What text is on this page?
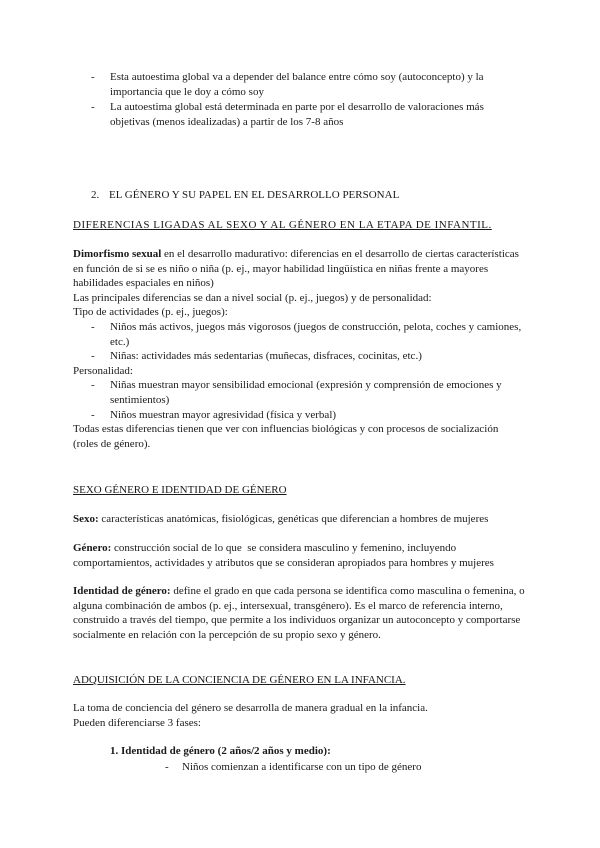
- Esta autoestima global va a depender del balance entre cómo soy (autoconcepto) y la
importancia que le doy a cómo soy
- La autoestima global está determinada en parte por el desarrollo de valoraciones más
objetivas (menos idealizadas) a partir de los 7-8 años
2. EL GÉNERO Y SU PAPEL EN EL DESARROLLO PERSONAL
DIFERENCIAS LIGADAS AL SEXO Y AL GÉNERO EN LA ETAPA DE INFANTIL.
Dimorfismo sexual en el desarrollo madurativo: diferencias en el desarrollo de ciertas características
en función de si se es niño o niña (p. ej., mayor habilidad lingüística en niñas frente a mayores
habilidades espaciales en niños)
Las principales diferencias se dan a nivel social (p. ej., juegos) y de personalidad:
Tipo de actividades (p. ej., juegos):
- Niños más activos, juegos más vigorosos (juegos de construcción, pelota, coches y camiones,
etc.)
- Niñas: actividades más sedentarias (muñecas, disfraces, cocinitas, etc.)
Personalidad:
- Niñas muestran mayor sensibilidad emocional (expresión y comprensión de emociones y
sentimientos)
- Niños muestran mayor agresividad (física y verbal)
Todas estas diferencias tienen que ver con influencias biológicas y con procesos de socialización
(roles de género).
SEXO GÉNERO E IDENTIDAD DE GÉNERO
Sexo: características anatómicas, fisiológicas, genéticas que diferencian a hombres de mujeres
Género: construcción social de lo que  se considera masculino y femenino, incluyendo
comportamientos, actividades y atributos que se consideran apropiados para hombres y mujeres
Identidad de género: define el grado en que cada persona se identifica como masculina o femenina, o
alguna combinación de ambos (p. ej., intersexual, transgénero). Es el marco de referencia interno,
construido a través del tiempo, que permite a los individuos organizar un autoconcepto y comportarse
socialmente en relación con la percepción de su propio sexo y género.
ADQUISICIÓN DE LA CONCIENCIA DE GÉNERO EN LA INFANCIA.
La toma de conciencia del género se desarrolla de manera gradual en la infancia.
Pueden diferenciarse 3 fases:
1. Identidad de género (2 años/2 años y medio):
- Niños comienzan a identificarse con un tipo de género
